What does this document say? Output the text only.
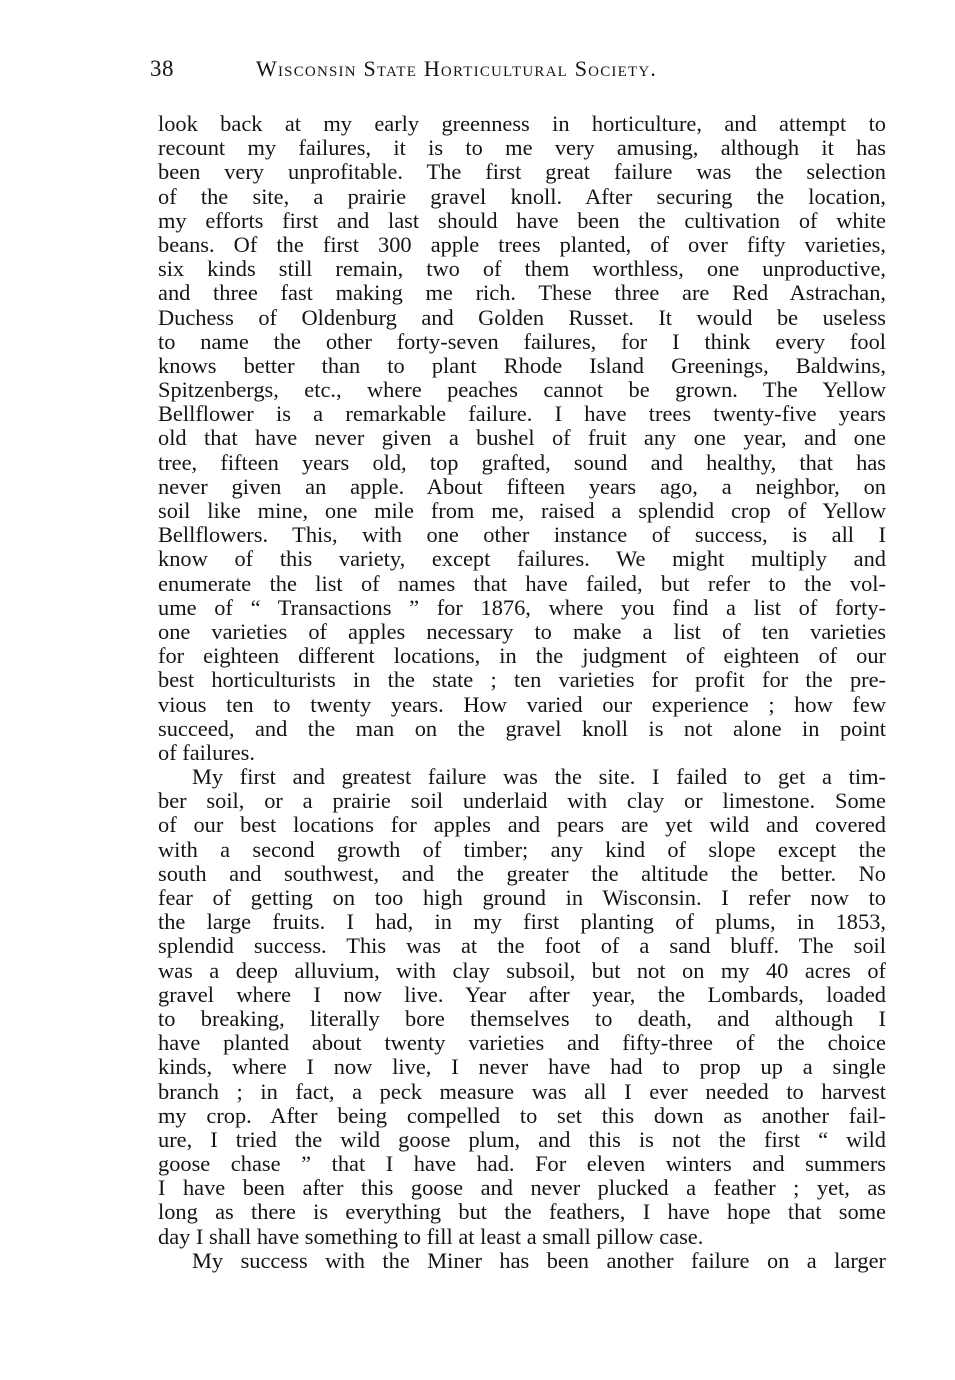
38	Wisconsin State Horticultural Society.
look back at my early greenness in horticulture, and attempt to
recount my failures, it is to me very amusing, although it has
been very unprofitable. The first great failure was the selection
of the site, a prairie gravel knoll. After securing the location,
my efforts first and last should have been the cultivation of white
beans. Of the first 300 apple trees planted, of over fifty varieties,
six kinds still remain, two of them worthless, one unproductive,
and three fast making me rich. These three are Red Astrachan,
Duchess of Oldenburg and Golden Russet. It would be useless
to name the other forty-seven failures, for I think every fool
knows better than to plant Rhode Island Greenings, Baldwins,
Spitzenbergs, etc., where peaches cannot be grown. The Yellow
Bellflower is a remarkable failure. I have trees twenty-five years
old that have never given a bushel of fruit any one year, and one
tree, fifteen years old, top grafted, sound and healthy, that has
never given an apple. About fifteen years ago, a neighbor, on
soil like mine, one mile from me, raised a splendid crop of Yellow
Bellflowers. This, with one other instance of success, is all I
know of this variety, except failures. We might multiply and
enumerate the list of names that have failed, but refer to the vol-
ume of “ Transactions ” for 1876, where you find a list of forty-
one varieties of apples necessary to make a list of ten varieties
for eighteen different locations, in the judgment of eighteen of our
best horticulturists in the state ; ten varieties for profit for the pre-
vious ten to twenty years. How varied our experience ; how few
succeed, and the man on the gravel knoll is not alone in point
of failures.
My first and greatest failure was the site. I failed to get a tim-
ber soil, or a prairie soil underlaid with clay or limestone. Some
of our best locations for apples and pears are yet wild and covered
with a second growth of timber; any kind of slope except the
south and southwest, and the greater the altitude the better. No
fear of getting on too high ground in Wisconsin. I refer now to
the large fruits. I had, in my first planting of plums, in 1853,
splendid success. This was at the foot of a sand bluff. The soil
was a deep alluvium, with clay subsoil, but not on my 40 acres of
gravel where I now live. Year after year, the Lombards, loaded
to breaking, literally bore themselves to death, and although I
have planted about twenty varieties and fifty-three of the choice
kinds, where I now live, I never have had to prop up a single
branch ; in fact, a peck measure was all I ever needed to harvest
my crop. After being compelled to set this down as another fail-
ure, I tried the wild goose plum, and this is not the first “ wild
goose chase ” that I have had. For eleven winters and summers
I have been after this goose and never plucked a feather ; yet, as
long as there is everything but the feathers, I have hope that some
day I shall have something to fill at least a small pillow case.
My success with the Miner has been another failure on a larger
